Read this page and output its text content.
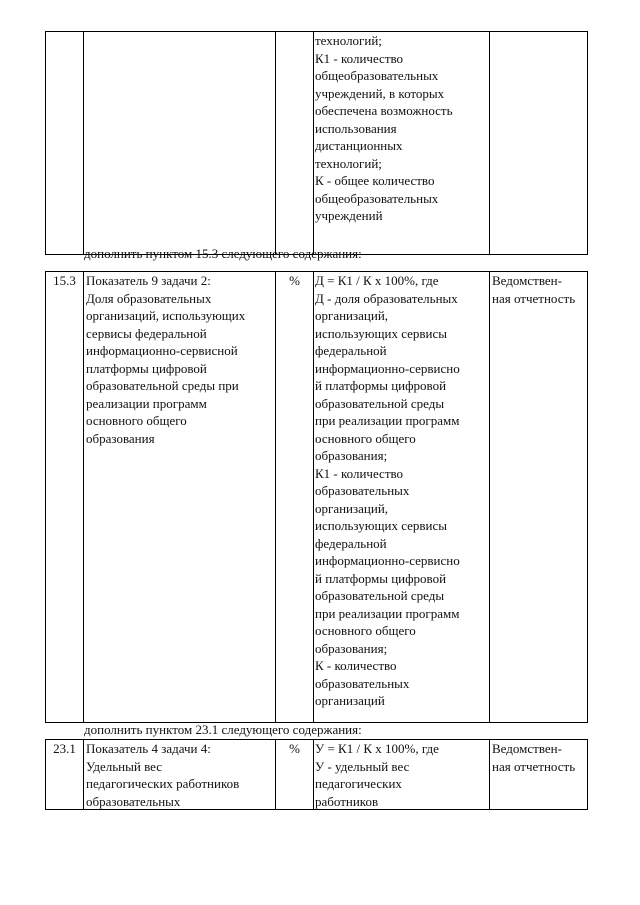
технологий;
К1 - количество
общеобразовательных
учреждений, в которых
обеспечена возможность
использования
дистанционных
технологий;
К - общее количество
общеобразовательных
учреждений
дополнить пунктом 15.3 следующего содержания:
15.3 Показатель 9 задачи 2:
Доля образовательных
организаций, использующих
сервисы федеральной
информационно-сервисной
платформы цифровой
образовательной среды при
реализации программ
основного общего
образования
%	Д = К1 / К х 100%, где
Д - доля образовательных
организаций,
использующих сервисы
федеральной
информационно-сервисно
й платформы цифровой
образовательной среды
при реализации программ
основного общего
образования;
К1 - количество
образовательных
организаций,
использующих сервисы
федеральной
информационно-сервисно
й платформы цифровой
образовательной среды
при реализации программ
основного общего
образования;
К - количество
образовательных
организаций
Ведомствен-
ная отчетность
дополнить пунктом 23.1 следующего содержания:
23.1 Показатель 4 задачи 4:
Удельный вес
педагогических работников
образовательных
%	У = К1 / К х 100%, где
У - удельный вес
педагогических
работников
Ведомствен-
ная отчетность
